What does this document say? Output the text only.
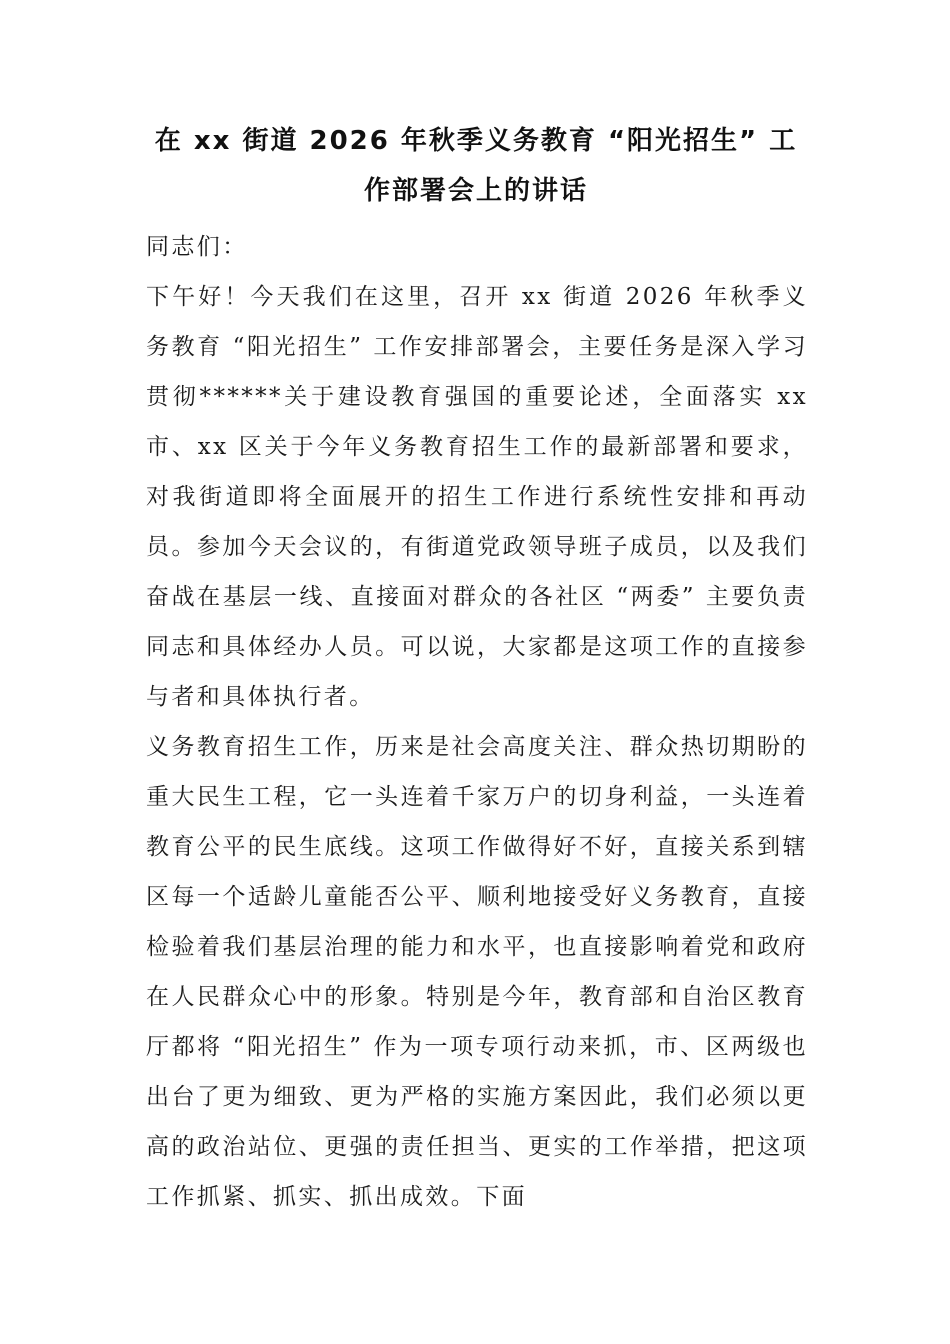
在 xx 街道 2026 年秋季义务教育 “阳光招生” 工作部署会上的讲话

同志们：

下午好！今天我们在这里，召开 xx 街道 2026 年秋季义务教育 “阳光招生” 工作安排部署会，主要任务是深入学习贯彻******关于建设教育强国的重要论述，全面落实 xx 市、xx 区关于今年义务教育招生工作的最新部署和要求，对我街道即将全面展开的招生工作进行系统性安排和再动员。参加今天会议的，有街道党政领导班子成员，以及我们奋战在基层一线、直接面对群众的各社区 “两委” 主要负责同志和具体经办人员。可以说，大家都是这项工作的直接参与者和具体执行者。

义务教育招生工作，历来是社会高度关注、群众热切期盼的重大民生工程，它一头连着千家万户的切身利益，一头连着教育公平的民生底线。这项工作做得好不好，直接关系到辖区每一个适龄儿童能否公平、顺利地接受好义务教育，直接检验着我们基层治理的能力和水平，也直接影响着党和政府在人民群众心中的形象。特别是今年，教育部和自治区教育厅都将 “阳光招生” 作为一项专项行动来抓，市、区两级也出台了更为细致、更为严格的实施方案因此，我们必须以更高的政治站位、更强的责任担当、更实的工作举措，把这项工作抓紧、抓实、抓出成效。下面
